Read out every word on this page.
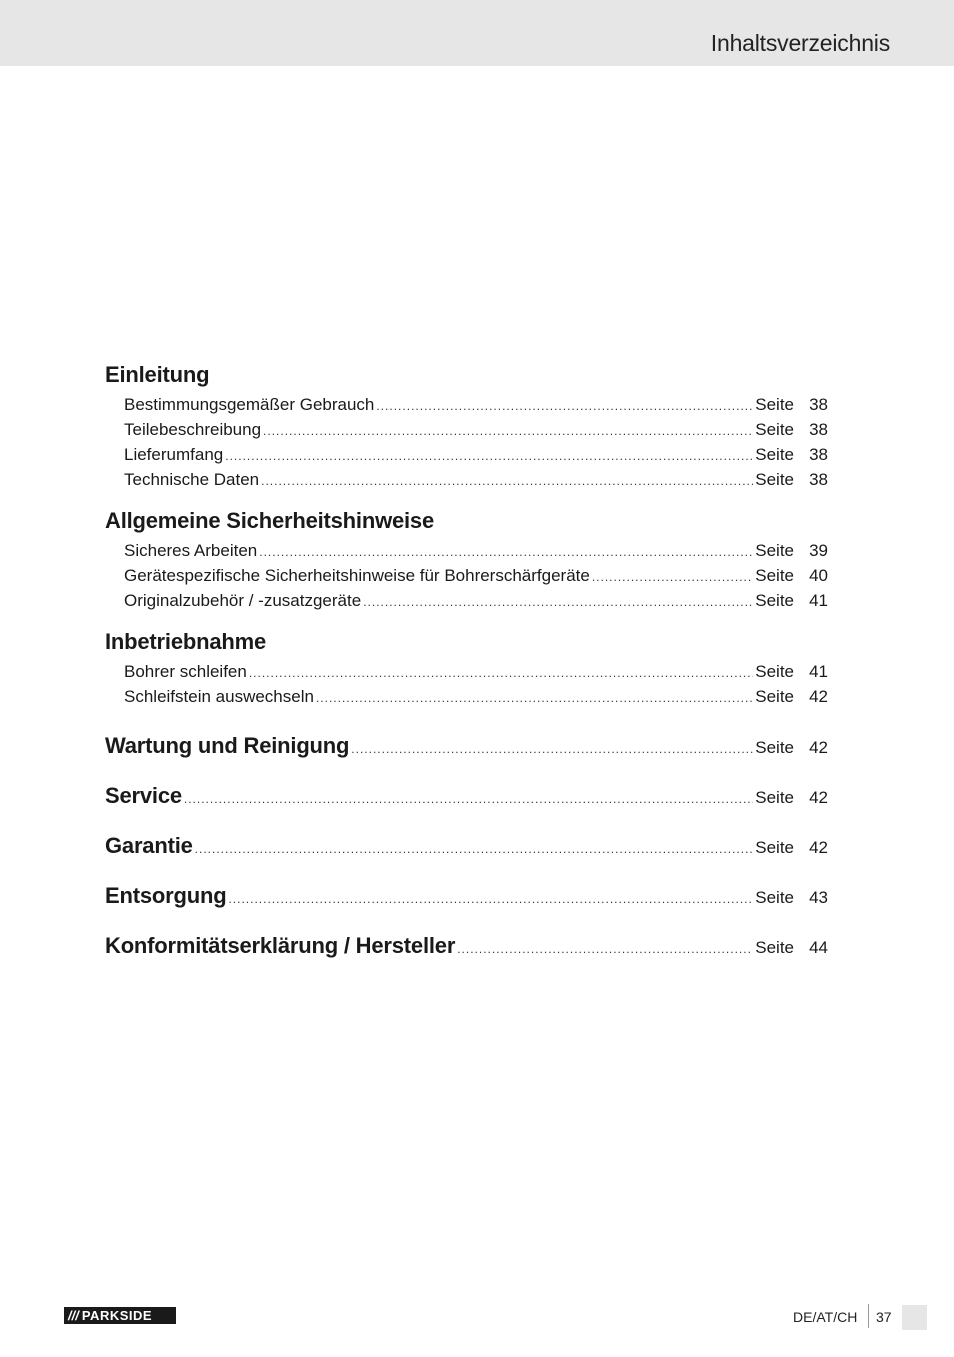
Inhaltsverzeichnis
Einleitung
Bestimmungsgemäßer Gebrauch .....	Seite 38
Teilebeschreibung .....	Seite 38
Lieferumfang .....	Seite 38
Technische Daten .....	Seite 38
Allgemeine Sicherheitshinweise
Sicheres Arbeiten .....	Seite 39
Gerätespezifische Sicherheitshinweise für Bohrerschärfgeräte .....	Seite 40
Originalzubehör / -zusatzgeräte .....	Seite 41
Inbetriebnahme
Bohrer schleifen .....	Seite 41
Schleifstein auswechseln .....	Seite 42
Wartung und Reinigung .....	Seite 42
Service .....	Seite 42
Garantie .....	Seite 42
Entsorgung .....	Seite 43
Konformitätserklärung / Hersteller .....	Seite 44
/// PARKSIDE	DE/AT/CH 37
